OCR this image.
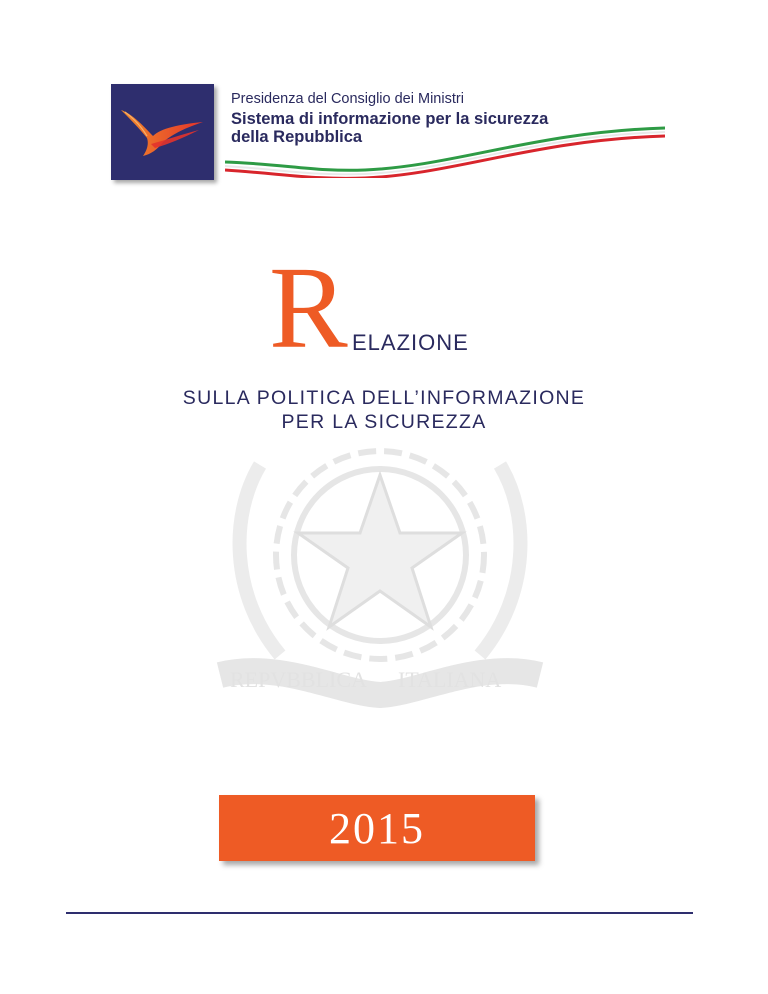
Presidenza del Consiglio dei Ministri
Sistema di informazione per la sicurezza
della Repubblica
REPVBBLICA ITALIANA
R ELAZIONE
SULLA POLITICA DELL’INFORMAZIONE
PER LA SICUREZZA
2015
